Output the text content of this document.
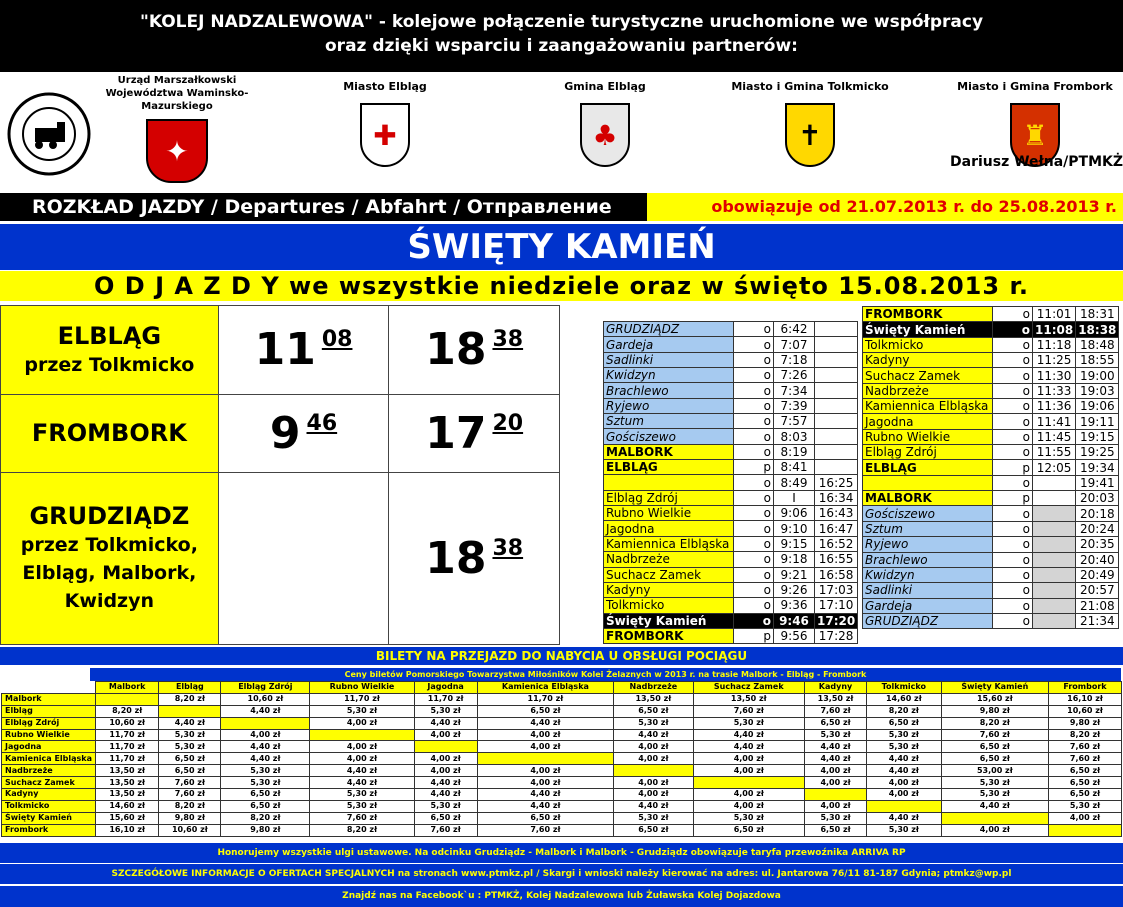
"KOLEJ NADZALEWOWA" - kolejowe połączenie turystyczne uruchomione we współpracy
oraz dzięki wsparciu i zaangażowaniu partnerów:
Urząd Marszałkowski Województwa Waminsko-Mazurskiego
✦
Miasto Elbląg
✚
Gmina Elbląg
♣
Miasto i Gmina Tolkmicko
✝
Miasto i Gmina Frombork
♜
Dariusz Wełna/PTMKŻ
ROZKŁAD JAZDY / Departures / Abfahrt / Отправление	obowiązuje od 21.07.2013 r. do 25.08.2013 r.
ŚWIĘTY KAMIEŃ
O D J A Z D Y we wszystkie niedziele oraz w święto 15.08.2013 r.
ELBLĄG
przez Tolkmicko	11 08	18 38

FROMBORK	9 46	17 20

GRUDZIĄDZ
przez Tolkmicko, Elbląg, Malbork, Kwidzyn		18 38
GRUDZIĄDZ	o	6:42	
Gardeja	o	7:07	
Sadlinki	o	7:18	
Kwidzyn	o	7:26	
Brachlewo	o	7:34	
Ryjewo	o	7:39	
Sztum	o	7:57	
Gościszewo	o	8:03	
MALBORK	o	8:19	
ELBLĄG	p	8:41	
	o	8:49	16:25
Elbląg Zdrój	o	I	16:34
Rubno Wielkie	o	9:06	16:43
Jagodna	o	9:10	16:47
Kamiennica Elbląska	o	9:15	16:52
Nadbrzeże	o	9:18	16:55
Suchacz Zamek	o	9:21	16:58
Kadyny	o	9:26	17:03
Tolkmicko	o	9:36	17:10
Święty Kamień	o	9:46	17:20
FROMBORK	p	9:56	17:28
FROMBORK	o	11:01	18:31
Święty Kamień	o	11:08	18:38
Tolkmicko	o	11:18	18:48
Kadyny	o	11:25	18:55
Suchacz Zamek	o	11:30	19:00
Nadbrzeże	o	11:33	19:03
Kamiennica Elbląska	o	11:36	19:06
Jagodna	o	11:41	19:11
Rubno Wielkie	o	11:45	19:15
Elbląg Zdrój	o	11:55	19:25
ELBLĄG	p	12:05	19:34
	o		19:41
MALBORK	p		20:03
Gościszewo	o		20:18
Sztum	o		20:24
Ryjewo	o		20:35
Brachlewo	o		20:40
Kwidzyn	o		20:49
Sadlinki	o		20:57
Gardeja	o		21:08
GRUDZIĄDZ	o		21:34
BILETY NA PRZEJAZD DO NABYCIA U OBSŁUGI POCIĄGU
Ceny biletów Pomorskiego Towarzystwa Miłośników Kolei Żelaznych w 2013 r. na trasie Malbork - Elbląg - Frombork
	Malbork	Elbląg	Elbląg Zdrój	Rubno Wielkie	Jagodna	Kamienica Elbląska	Nadbrzeże	Suchacz Zamek	Kadyny	Tolkmicko	Święty Kamień	Frombork
Malbork		8,20 zł	10,60 zł	11,70 zł	11,70 zł	11,70 zł	13,50 zł	13,50 zł	13,50 zł	14,60 zł	15,60 zł	16,10 zł
Elbląg	8,20 zł		4,40 zł	5,30 zł	5,30 zł	6,50 zł	6,50 zł	7,60 zł	7,60 zł	8,20 zł	9,80 zł	10,60 zł
Elbląg Zdrój	10,60 zł	4,40 zł		4,00 zł	4,40 zł	4,40 zł	5,30 zł	5,30 zł	6,50 zł	6,50 zł	8,20 zł	9,80 zł
Rubno Wielkie	11,70 zł	5,30 zł	4,00 zł		4,00 zł	4,00 zł	4,40 zł	4,40 zł	5,30 zł	5,30 zł	7,60 zł	8,20 zł
Jagodna	11,70 zł	5,30 zł	4,40 zł	4,00 zł		4,00 zł	4,00 zł	4,40 zł	4,40 zł	5,30 zł	6,50 zł	7,60 zł
Kamienica Elbląska	11,70 zł	6,50 zł	4,40 zł	4,00 zł	4,00 zł		4,00 zł	4,00 zł	4,40 zł	4,40 zł	6,50 zł	7,60 zł
Nadbrzeże	13,50 zł	6,50 zł	5,30 zł	4,40 zł	4,00 zł	4,00 zł		4,00 zł	4,00 zł	4,40 zł	53,00 zł	6,50 zł
Suchacz Zamek	13,50 zł	7,60 zł	5,30 zł	4,40 zł	4,40 zł	4,00 zł	4,00 zł		4,00 zł	4,00 zł	5,30 zł	6,50 zł
Kadyny	13,50 zł	7,60 zł	6,50 zł	5,30 zł	4,40 zł	4,40 zł	4,00 zł	4,00 zł		4,00 zł	5,30 zł	6,50 zł
Tolkmicko	14,60 zł	8,20 zł	6,50 zł	5,30 zł	5,30 zł	4,40 zł	4,40 zł	4,00 zł	4,00 zł		4,40 zł	5,30 zł
Święty Kamień	15,60 zł	9,80 zł	8,20 zł	7,60 zł	6,50 zł	6,50 zł	5,30 zł	5,30 zł	5,30 zł	4,40 zł		4,00 zł
Frombork	16,10 zł	10,60 zł	9,80 zł	8,20 zł	7,60 zł	7,60 zł	6,50 zł	6,50 zł	6,50 zł	5,30 zł	4,00 zł	
Honorujemy wszystkie ulgi ustawowe. Na odcinku Grudziądz - Malbork i Malbork - Grudziądz obowiązuje taryfa przewoźnika ARRIVA RP
SZCZEGÓŁOWE INFORMACJE O OFERTACH SPECJALNYCH na stronach www.ptmkz.pl / Skargi i wnioski należy kierować na adres: ul. Jantarowa 76/11 81-187 Gdynia; ptmkz@wp.pl
Znajdź nas na Facebook`u : PTMKŻ, Kolej Nadzalewowa lub Żuławska Kolej Dojazdowa
